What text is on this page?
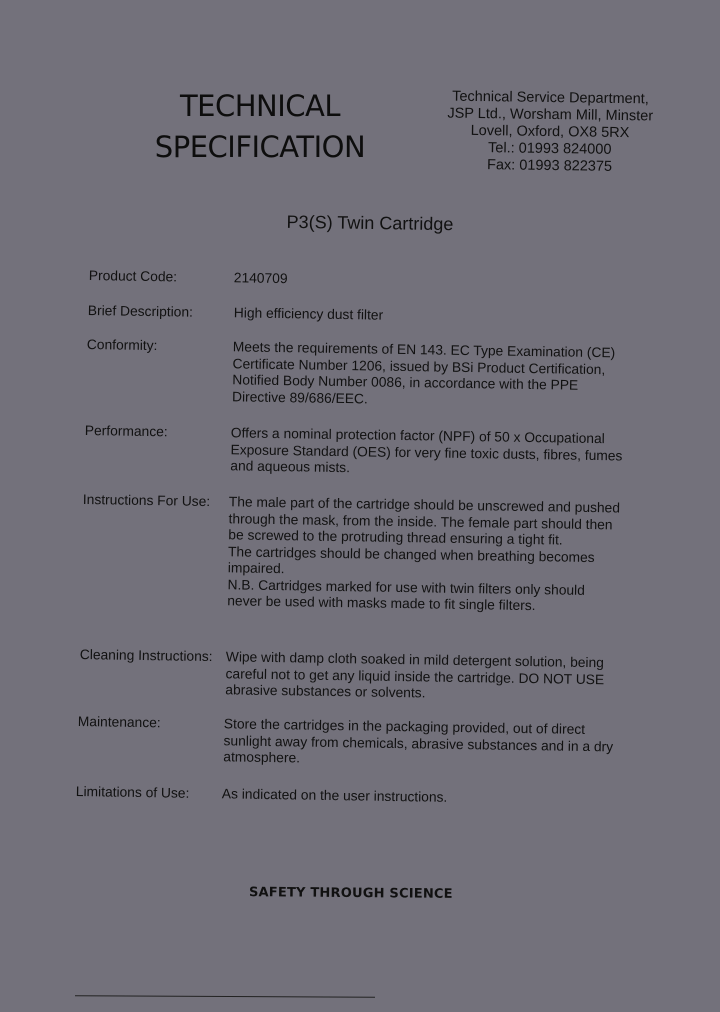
TECHNICAL
SPECIFICATION
Technical Service Department,
JSP Ltd., Worsham Mill, Minster
Lovell, Oxford, OX8 5RX
Tel.: 01993 824000
Fax: 01993 822375
P3(S) Twin Cartridge
Product Code:	2140709
Brief Description:	High efficiency dust filter
Conformity:	Meets the requirements of EN 143. EC Type Examination (CE)
Certificate Number 1206, issued by BSi Product Certification,
Notified Body Number 0086, in accordance with the PPE
Directive 89/686/EEC.
Performance:	Offers a nominal protection factor (NPF) of 50 x Occupational
Exposure Standard (OES) for very fine toxic dusts, fibres, fumes
and aqueous mists.
Instructions For Use: The male part of the cartridge should be unscrewed and pushed
through the mask, from the inside. The female part should then
be screwed to the protruding thread ensuring a tight fit.
The cartridges should be changed when breathing becomes
impaired.
N.B. Cartridges marked for use with twin filters only should
never be used with masks made to fit single filters.
Cleaning Instructions: Wipe with damp cloth soaked in mild detergent solution, being
careful not to get any liquid inside the cartridge. DO NOT USE
abrasive substances or solvents.
Maintenance:	Store the cartridges in the packaging provided, out of direct
sunlight away from chemicals, abrasive substances and in a dry
atmosphere.
Limitations of Use: As indicated on the user instructions.
SAFETY THROUGH SCIENCE
